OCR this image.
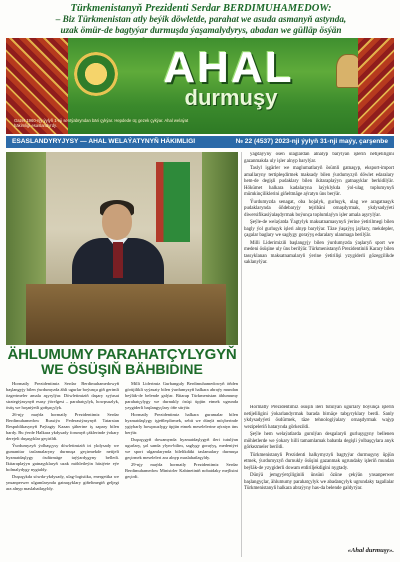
Türkmenistanyň Prezidenti Serdar BERDIMUHAMEDOW:
– Biz Türkmenistan atly beýik döwletde, parahat we asuda asmanyň astynda,
uzak ömür-de bagtyýar durmuşda ýaşamalydyrys, abadan we gülläp ösýän
AHAL
durmuşy
Gazet 1960-njy ýylyň 1-nji sentýabryndan bäri çykýar. Hepdede üç gezek çykýar. Ahal welaýat häkimligi esaslandyrdy.
ESASLANDYRYJYSY — AHAL WELAÝATYNYŇ HÄKIMLIGI	№ 22 (4537) 2023-nji ýylyň 31-nji maýy, çarşenbe

yagdaýyny ösen ulaglardan alnalyp barylýan işleriň netijeliligini gazanmakda uly işler alnyp barylýar.

Taslyl işgärler we maglumatlaryň ösümli gatnaşyp, eksport-import amallaryny tertipleşdirmek maksady bilen ýurdumyzyň döwlet edaralary hem-de degişli pudaklary bilen ikitaraplaýyn gatnaşyklar berkidilýär. Hökümet halkara kadalaryna laýyklykda ýol-ulag toplumynyň mümkinçiliklerini giňeltmäge aýratyn üns berýär.

Ýurdumyzda senagat, oba hojalyk, gurluşyk, ulag we aragatnaşyk pudaklarynda öňdebaryjy tejribäni ornaşdyrmak, ykdysadyýeti diwersifikasiýalaşdyrmak boýunça toplumlaýyn işler amala aşyrylýar.

Şeýle-de welaýatda Ýagtylyk maksatnamasynyň ýerine ýetirilmegi bilen bagly ýol gurluşyk işleri alnyp barylýar. Täze ýaşaýyş jaýlary, mekdepler, çagalar baglary we saglygy goraýyş edaralary ulanmaga berilýär.

Milli Liderimiziň başlangyjy bilen ýurdumyzda ýaşlaryň sport we medeni ösüşine uly üns berilýär. Türkmenistanyň Prezidentiniň Karary bilen tassyklanan maksatnamalaryň ýerine ýetirilişi yzygiderli gözegçilikde saklanylýar.

ÄHLUMUMY PARAHATÇYLYGYŇ
WE ÖSÜŞIŇ BÄHBIDINE

Hormatly Prezidentimiz Serdar Berdimuhamedowyň başlangyjy bilen ýurdumyzda ähli ugurlar boýunça giň gerimli özgertmeler amala aşyrylýar. Döwletimiziň daşary syýasat strategiýasynyň esasy ýörelgesi – parahatçylyk, howpsuzlyk, ösüş we hoşniýetli goňşuçylyk.

26-njy maýda hormatly Prezidentimiz Serdar Berdimuhamedow Russiýa Federasiýasynyň Tatarstan Respublikasynyň Paýtagty Kazan şäherine iş sapary bilen bardy. Bu ýerde Halkara ykdysady forumyň çäklerinde ýokary derejeli duşuşyklar geçirildi.

Ýurdumyzyň ýolbaşçysy döwletimiziň iri ykdysady we gumanitar taslamalaryny durmuşa geçirmekde netijeli hyzmatdaşlygy ösdürmäge taýýardygyny belledi. Ikitaraplaýyn gatnaşyklaryň uzak möhletleýin häsiýete eýe bolmalydygy nygtaldy.

Duşuşykda söwda-ykdysady, ulag-logistika, energetika we ynsanperwer ulgamlarynda gatnaşyklary giňeltmegiň geljegi ara alnyp maslahatlaşyldy.

Milli Liderimiz Gurbanguly Berdimuhamedowyň öňden görüjilikli syýasaty bilen ýurdumyzyň halkara abraýy mundan beýläk-de belende galýar. Bitarap Türkmenistan ählumumy parahatçylygy we durnukly ösüşi üpjün etmek ugrunda yzygiderli başlangyçlary öňe sürýär.

Hormatly Prezidentimiz halkara guramalar bilen hyzmatdaşlygy işjeňleşdirmek, sebit we dünýä möçberinde ygtybarly howpsuzlygy üpjün etmek meselelerine aýratyn üns berýär.

Duşuşygyň dowamynda hyzmatdaşlygyň ileri tutulýan ugurlary, şol sanda ylym-bilim, saglygy goraýyş, medeniýet we sport ulgamlarynda bilelikdäki taslamalary durmuşa geçirmek meseleleri ara alnyp maslahatlaşyldy.

29-njy maýda hormatly Prezidentimiz Serdar Berdimuhamedow Ministrler Kabinetiniň nobatdaky mejlisini geçirdi.

Hormatly Prezidentimiz ösüşiň ileri tutulýan ugurlary boýunça işleriň netijeliligini ýokarlandyrmak barada birnäçe tabşyryklary berdi. Sanly ykdysadyýeti ösdürmek, täze tehnologiýalary ornaşdyrmak wajyp wezipeleriň hatarynda görkezildi.

Şeýle hem welaýatlarda gurulýan desgalaryň gurluşygyny bellenen möhletlerde we ýokary hilli tamamlamak babatda degişli ýolbaşçylara anyk görkezmeler berildi.

Türkmenistanyň Prezidenti halkymyzyň bagtyýar durmuşyny üpjün etmek, ýurdumyzyň durnukly ösüşini gazanmak ugrundaky işleriň mundan beýläk-de yzygiderli dowam etdiriljekdigini nygtady.

Dünýä jemgyýetçiliginiň ünsüni özüne çekýän ynsanperwer başlangyçlar, ählumumy parahatçylyk we abadançylyk ugrundaky tagallalar Türkmenistanyň halkara abraýyny has-da belende galdyrýar.

«Ahal durmuşy».
